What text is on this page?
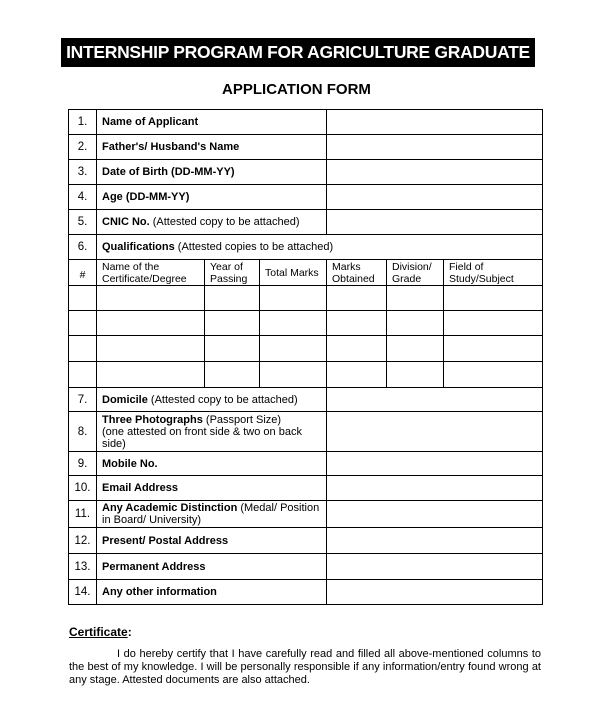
INTERNSHIP PROGRAM FOR AGRICULTURE GRADUATE
APPLICATION FORM
1.	Name of Applicant					
2.	Father's/ Husband's Name					
3.	Date of Birth (DD-MM-YY)					
4.	Age (DD-MM-YY)					
5.	CNIC No. (Attested copy to be attached)					
6.	Qualifications (Attested copies to be attached)					
#	Name of the Certificate/Degree	Year of Passing	Total Marks	Marks Obtained	Division/ Grade	Field of Study/Subject

7.	Domicile (Attested copy to be attached)					
8.	Three Photographs (Passport Size)
(one attested on front side & two on back side)					
9.	Mobile No.					
10.	Email Address					
11.	Any Academic Distinction (Medal/ Position in Board/ University)					
12.	Present/ Postal Address					
13.	Permanent Address					
14.	Any other information					
Certificate:
I do hereby certify that I have carefully read and filled all above-mentioned columns to the best of my knowledge. I will be personally responsible if any information/entry found wrong at any stage. Attested documents are also attached.
